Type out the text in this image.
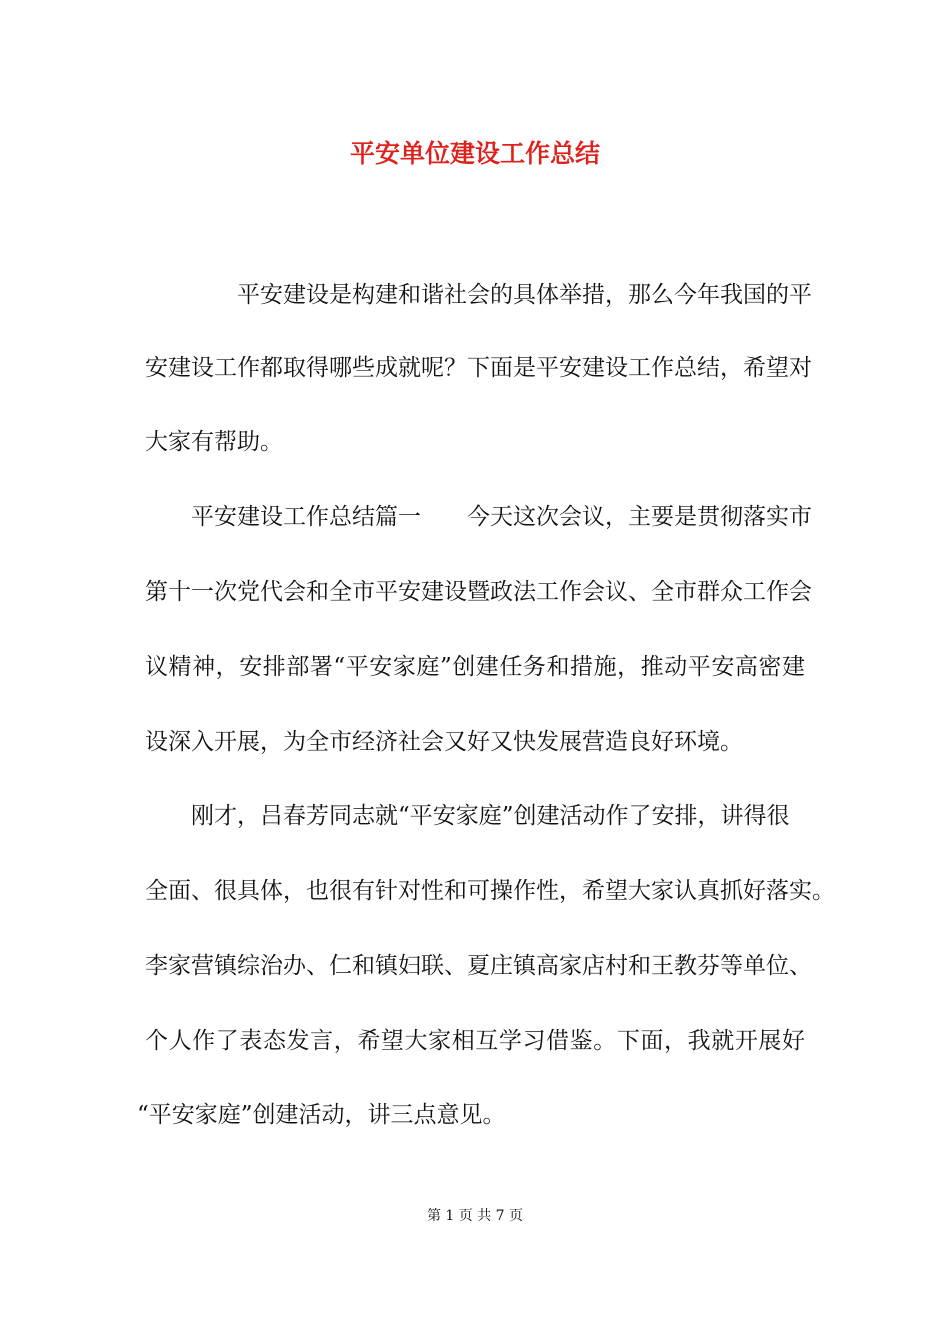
平安单位建设工作总结

平安建设是构建和谐社会的具体举措，那么今年我国的平

安建设工作都取得哪些成就呢？下面是平安建设工作总结，希望对

大家有帮助。

平安建设工作总结篇一　　今天这次会议，主要是贯彻落实市

第十一次党代会和全市平安建设暨政法工作会议、全市群众工作会

议精神，安排部署“平安家庭”创建任务和措施，推动平安高密建

设深入开展，为全市经济社会又好又快发展营造良好环境。

刚才，吕春芳同志就“平安家庭”创建活动作了安排，讲得很

全面、很具体，也很有针对性和可操作性，希望大家认真抓好落实。

李家营镇综治办、仁和镇妇联、夏庄镇高家店村和王教芬等单位、

个人作了表态发言，希望大家相互学习借鉴。下面，我就开展好

“平安家庭”创建活动，讲三点意见。

第 1 页 共 7 页
